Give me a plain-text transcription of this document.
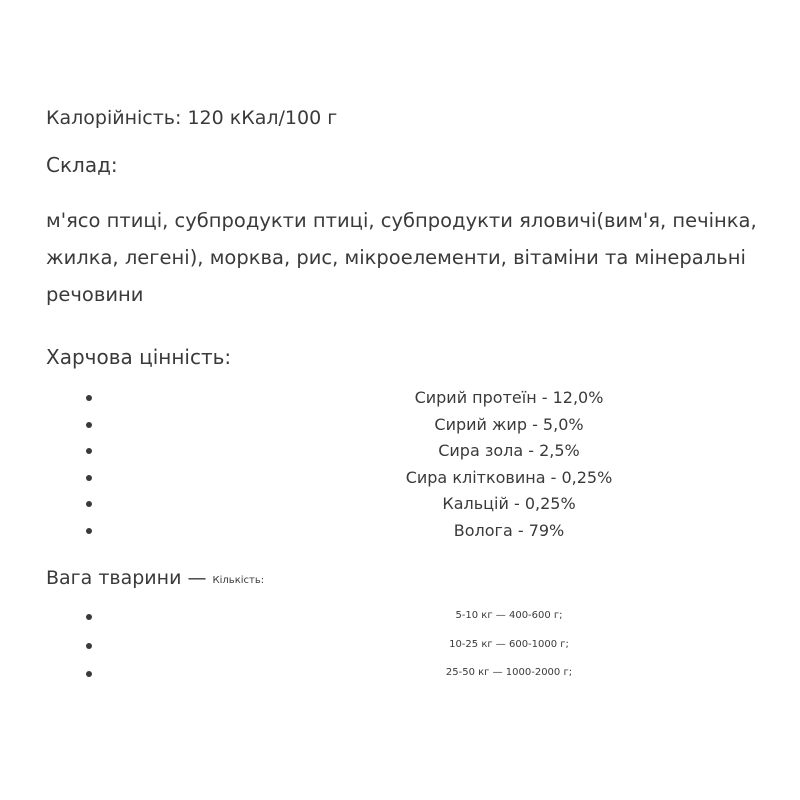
Калорійність: 120 кКал/100 г
Склад:
м'ясо птиці, субпродукти птиці, субпродукти яловичі(вим'я, печінка, жилка, легені), морква, рис, мікроелементи, вітаміни та мінеральні речовини
Харчова цінність:
Сирий протеїн - 12,0%
Сирий жир - 5,0%
Сира зола - 2,5%
Сира клітковина - 0,25%
Кальцій - 0,25%
Волога - 79%
Вага тварини — Кількість:
5-10 кг — 400-600 г;
10-25 кг — 600-1000 г;
25-50 кг — 1000-2000 г;
